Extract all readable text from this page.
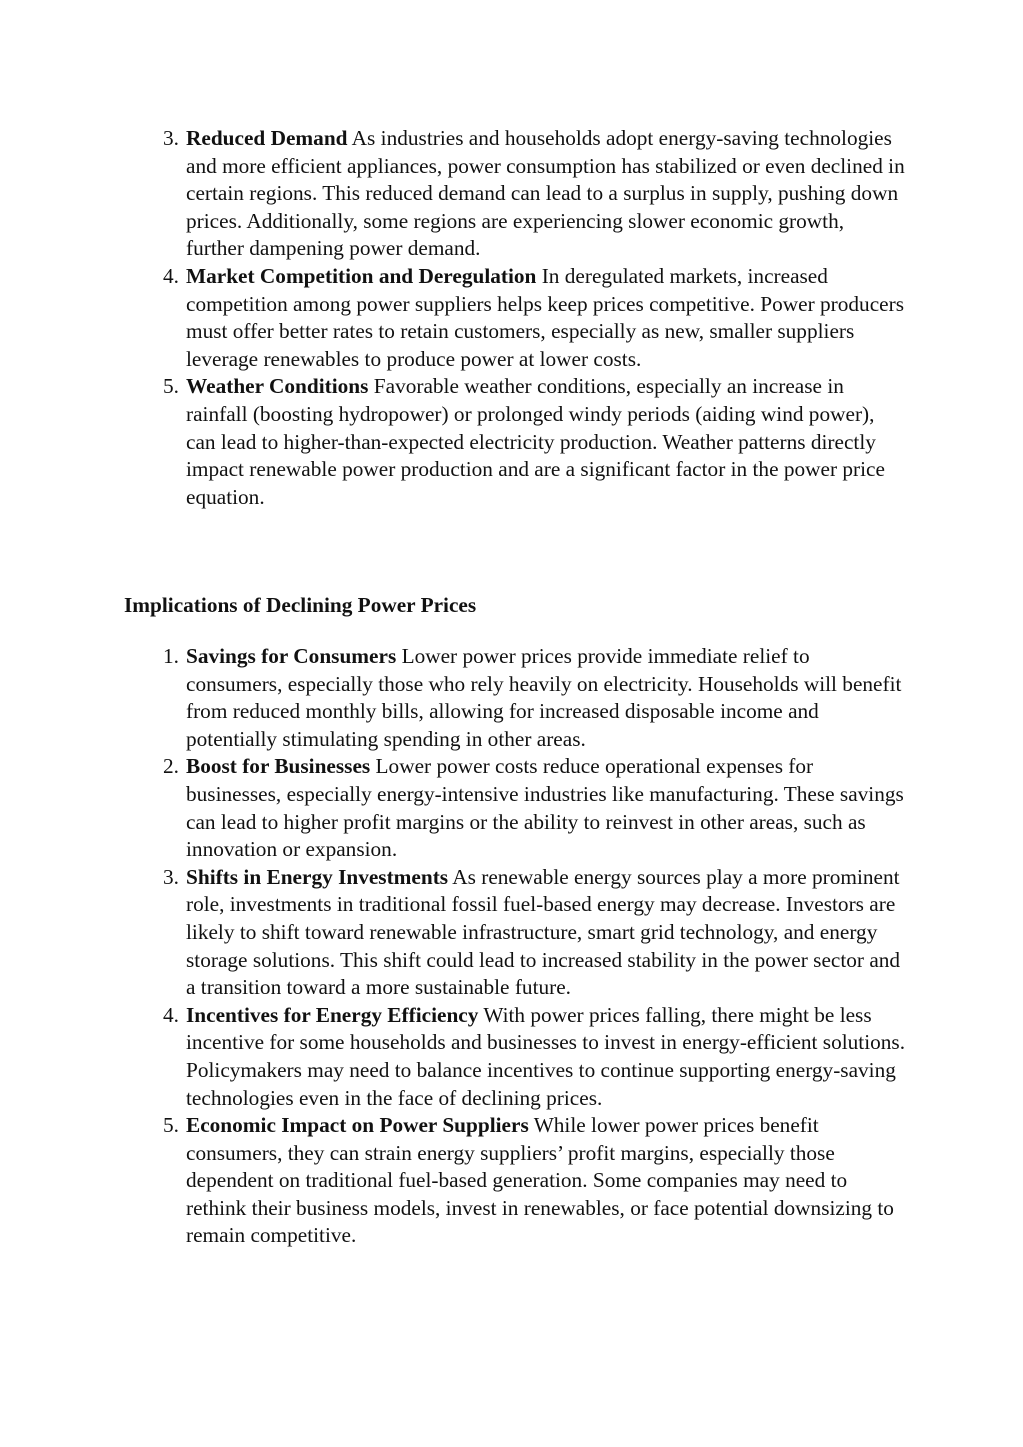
3. Reduced Demand As industries and households adopt energy-saving technologies and more efficient appliances, power consumption has stabilized or even declined in certain regions. This reduced demand can lead to a surplus in supply, pushing down prices. Additionally, some regions are experiencing slower economic growth, further dampening power demand.
4. Market Competition and Deregulation In deregulated markets, increased competition among power suppliers helps keep prices competitive. Power producers must offer better rates to retain customers, especially as new, smaller suppliers leverage renewables to produce power at lower costs.
5. Weather Conditions Favorable weather conditions, especially an increase in rainfall (boosting hydropower) or prolonged windy periods (aiding wind power), can lead to higher-than-expected electricity production. Weather patterns directly impact renewable power production and are a significant factor in the power price equation.
Implications of Declining Power Prices
1. Savings for Consumers Lower power prices provide immediate relief to consumers, especially those who rely heavily on electricity. Households will benefit from reduced monthly bills, allowing for increased disposable income and potentially stimulating spending in other areas.
2. Boost for Businesses Lower power costs reduce operational expenses for businesses, especially energy-intensive industries like manufacturing. These savings can lead to higher profit margins or the ability to reinvest in other areas, such as innovation or expansion.
3. Shifts in Energy Investments As renewable energy sources play a more prominent role, investments in traditional fossil fuel-based energy may decrease. Investors are likely to shift toward renewable infrastructure, smart grid technology, and energy storage solutions. This shift could lead to increased stability in the power sector and a transition toward a more sustainable future.
4. Incentives for Energy Efficiency With power prices falling, there might be less incentive for some households and businesses to invest in energy-efficient solutions. Policymakers may need to balance incentives to continue supporting energy-saving technologies even in the face of declining prices.
5. Economic Impact on Power Suppliers While lower power prices benefit consumers, they can strain energy suppliers’ profit margins, especially those dependent on traditional fuel-based generation. Some companies may need to rethink their business models, invest in renewables, or face potential downsizing to remain competitive.
